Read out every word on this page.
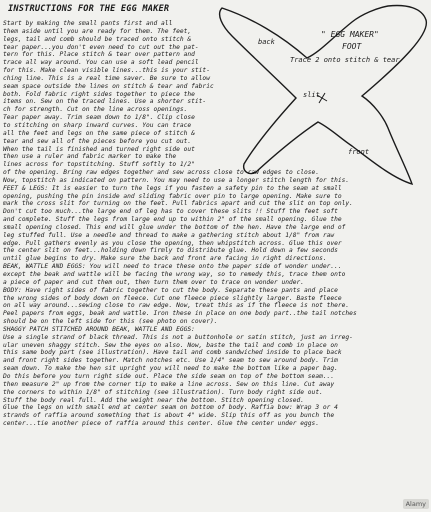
INSTRUCTIONS FOR THE EGG MAKER
" EGG MAKER"
FOOT
Trace 2 onto stitch & tear
back
slit
front
Start by making the small pants first and all
them aside until you are ready for them. The feet,
legs, tail and comb should be traced onto stitch &
tear paper...you don't even need to cut out the pat-
tern for this. Place stitch & tear over pattern and
trace all way around. You can use a soft lead pencil
for this. Make clean visible lines...this is your stit-
ching line. This is a real time saver. Be sure to allow
seam space outside the lines on stitch & tear and fabric
both. Fold fabric right sides together to piece the
items on. Sew on the traced lines. Use a shorter stit-
ch for strength. Cut on the line across openings.
Tear paper away. Trim seam down to 1/8". Clip close
to stitching on sharp inward curves. You can trace
all the feet and legs on the same piece of stitch &
tear and sew all of the pieces before you cut out.
When the tail is finished and turned right side out
then use a ruler and fabric marker to make the
lines across for topstitching. Stuff softly to 1/2"
of the opening. Bring raw edges together and sew across close to raw edges to close.
Now, topstitch as indicated on pattern. You may need to use a longer stitch length for this.
FEET & LEGS: It is easier to turn the legs if you fasten a safety pin to the seam at small
opening, pushing the pin inside and sliding fabric over pin to large opening. Make sure to
mark the cross slit for turning on the feet. Pull fabrics apart and cut the slit on top only.
Don't cut too much...the large end of leg has to cover these slits !! Stuff the feet soft
and complete. Stuff the legs from large end up to within 2" of the small opening. Glue the
small opening closed. This end will glue under the bottom of the hen. Have the large end of
leg stuffed full. Use a needle and thread to make a gathering stitch about 1/8" from raw
edge. Pull gathers evenly as you close the opening, then whipstitch across. Glue this over
the center slit on feet...holding down firmly to distribute glue. Hold down a few seconds
until glue begins to dry. Make sure the back and front are facing in right directions.
BEAK, WATTLE AND EGGS: You will need to trace these onto the paper side of wonder under...
except the beak and wattle will be facing the wrong way, so to remedy this, trace them onto
a piece of paper and cut them out, then turn them over to trace on wonder under.
BODY: Have right sides of fabric together to cut the body. Separate these pants and place
the wrong sides of body down on fleece. Cut one fleece piece slightly larger. Baste fleece
on all way around...sewing close to raw edge. Now, treat this as if the fleece is not there.
Peel papers from eggs, beak and wattle. Iron these in place on one body part..the tail notches
should be on the left side for this (see photo on cover).
SHAGGY PATCH STITCHED AROUND BEAK, WATTLE AND EGGS:
Use a single strand of black thread. This is not a buttonhole or satin stitch, just an irreg-
ular uneven shaggy stitch. Sew the eyes on also. Now, baste the tail and comb in place on
this same body part (see illustration). Have tail and comb sandwiched inside to place back
and front right sides together. Match notches etc. Use 1/4" seam to sew around body. Trim
seam down. To make the hen sit upright you will need to make the bottom like a paper bag.
Do this before you turn right side out. Place the side seam on top of the bottom seam...
then measure 2" up from the corner tip to make a line across. Sew on this line. Cut away
the corners to within 1/8" of stitching (see illustration). Turn body right side out.
Stuff the body real full. Add the weight near the bottom. Stitch opening closed.
Glue the legs on with small end at center seam on bottom of body. Raffia bow: Wrap 3 or 4
strands of raffia around something that is about 4" wide. Slip this off as you bunch the
center...tie another piece of raffia around this center. Glue the center under eggs.
Alamy
